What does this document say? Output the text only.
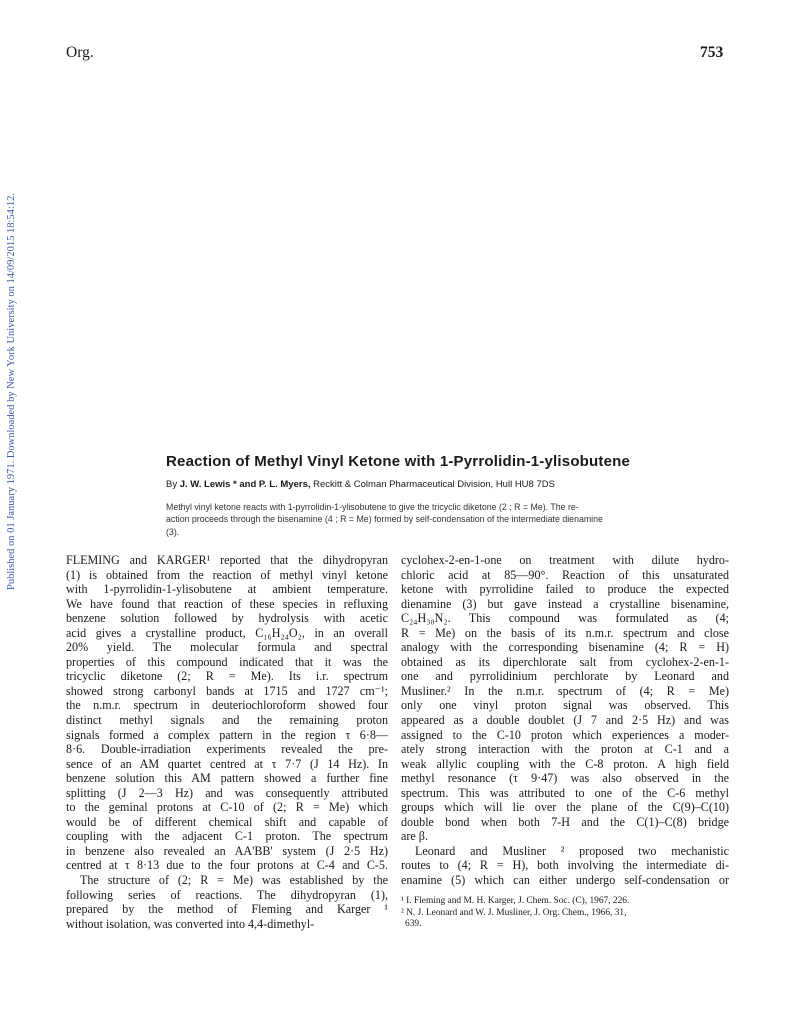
Org.	753
Published on 01 January 1971. Downloaded by New York University on 14/09/2015 18:54:12.	Reaction of Methyl Vinyl Ketone with 1-Pyrrolidin-1-ylisobutene
By J. W. Lewis * and P. L. Myers, Reckitt & Colman Pharmaceutical Division, Hull HU8 7DS
Methyl vinyl ketone reacts with 1-pyrrolidin-1-ylisobutene to give the tricyclic diketone (2 ; R = Me). The re-
action proceeds through the bisenamine (4 ; R = Me) formed by self-condensation of the intermediate dienamine
(3).
FLEMING and KARGER¹ reported that the dihydropyran
(1) is obtained from the reaction of methyl vinyl ketone
with 1-pyrrolidin-1-ylisobutene at ambient temperature.
We have found that reaction of these species in refluxing
benzene solution followed by hydrolysis with acetic
acid gives a crystalline product, C₁₆H₂₄O₂, in an overall
20% yield. The molecular formula and spectral
properties of this compound indicated that it was the
tricyclic diketone (2; R = Me). Its i.r. spectrum
showed strong carbonyl bands at 1715 and 1727 cm⁻¹;
the n.m.r. spectrum in deuteriochloroform showed four
distinct methyl signals and the remaining proton
signals formed a complex pattern in the region τ 6·8—
8·6. Double-irradiation experiments revealed the pre-
sence of an AM quartet centred at τ 7·7 (J 14 Hz). In
benzene solution this AM pattern showed a further fine
splitting (J 2—3 Hz) and was consequently attributed
to the geminal protons at C-10 of (2; R = Me) which
would be of different chemical shift and capable of
coupling with the adjacent C-1 proton. The spectrum
in benzene also revealed an AA'BB' system (J 2·5 Hz)
centred at τ 8·13 due to the four protons at C-4 and C-5.
The structure of (2; R = Me) was established by the
following series of reactions. The dihydropyran (1),
prepared by the method of Fleming and Karger ¹
without isolation, was converted into 4,4-dimethyl-
cyclohex-2-en-1-one on treatment with dilute hydro-
chloric acid at 85—90°. Reaction of this unsaturated
ketone with pyrrolidine failed to produce the expected
dienamine (3) but gave instead a crystalline bisenamine,
C₂₄H₃₈N₂. This compound was formulated as (4;
R = Me) on the basis of its n.m.r. spectrum and close
analogy with the corresponding bisenamine (4; R = H)
obtained as its diperchlorate salt from cyclohex-2-en-1-
one and pyrrolidinium perchlorate by Leonard and
Musliner.² In the n.m.r. spectrum of (4; R = Me)
only one vinyl proton signal was observed. This
appeared as a double doublet (J 7 and 2·5 Hz) and was
assigned to the C-10 proton which experiences a moder-
ately strong interaction with the proton at C-1 and a
weak allylic coupling with the C-8 proton. A high field
methyl resonance (τ 9·47) was also observed in the
spectrum. This was attributed to one of the C-6 methyl
groups which will lie over the plane of the C(9)–C(10)
double bond when both 7-H and the C(1)–C(8) bridge
are β.
Leonard and Musliner ² proposed two mechanistic
routes to (4; R = H), both involving the intermediate di-
enamine (5) which can either undergo self-condensation or
¹ I. Fleming and M. H. Karger, J. Chem. Soc. (C), 1967, 226.
² N. J. Leonard and W. J. Musliner, J. Org. Chem., 1966, 31,
639.
